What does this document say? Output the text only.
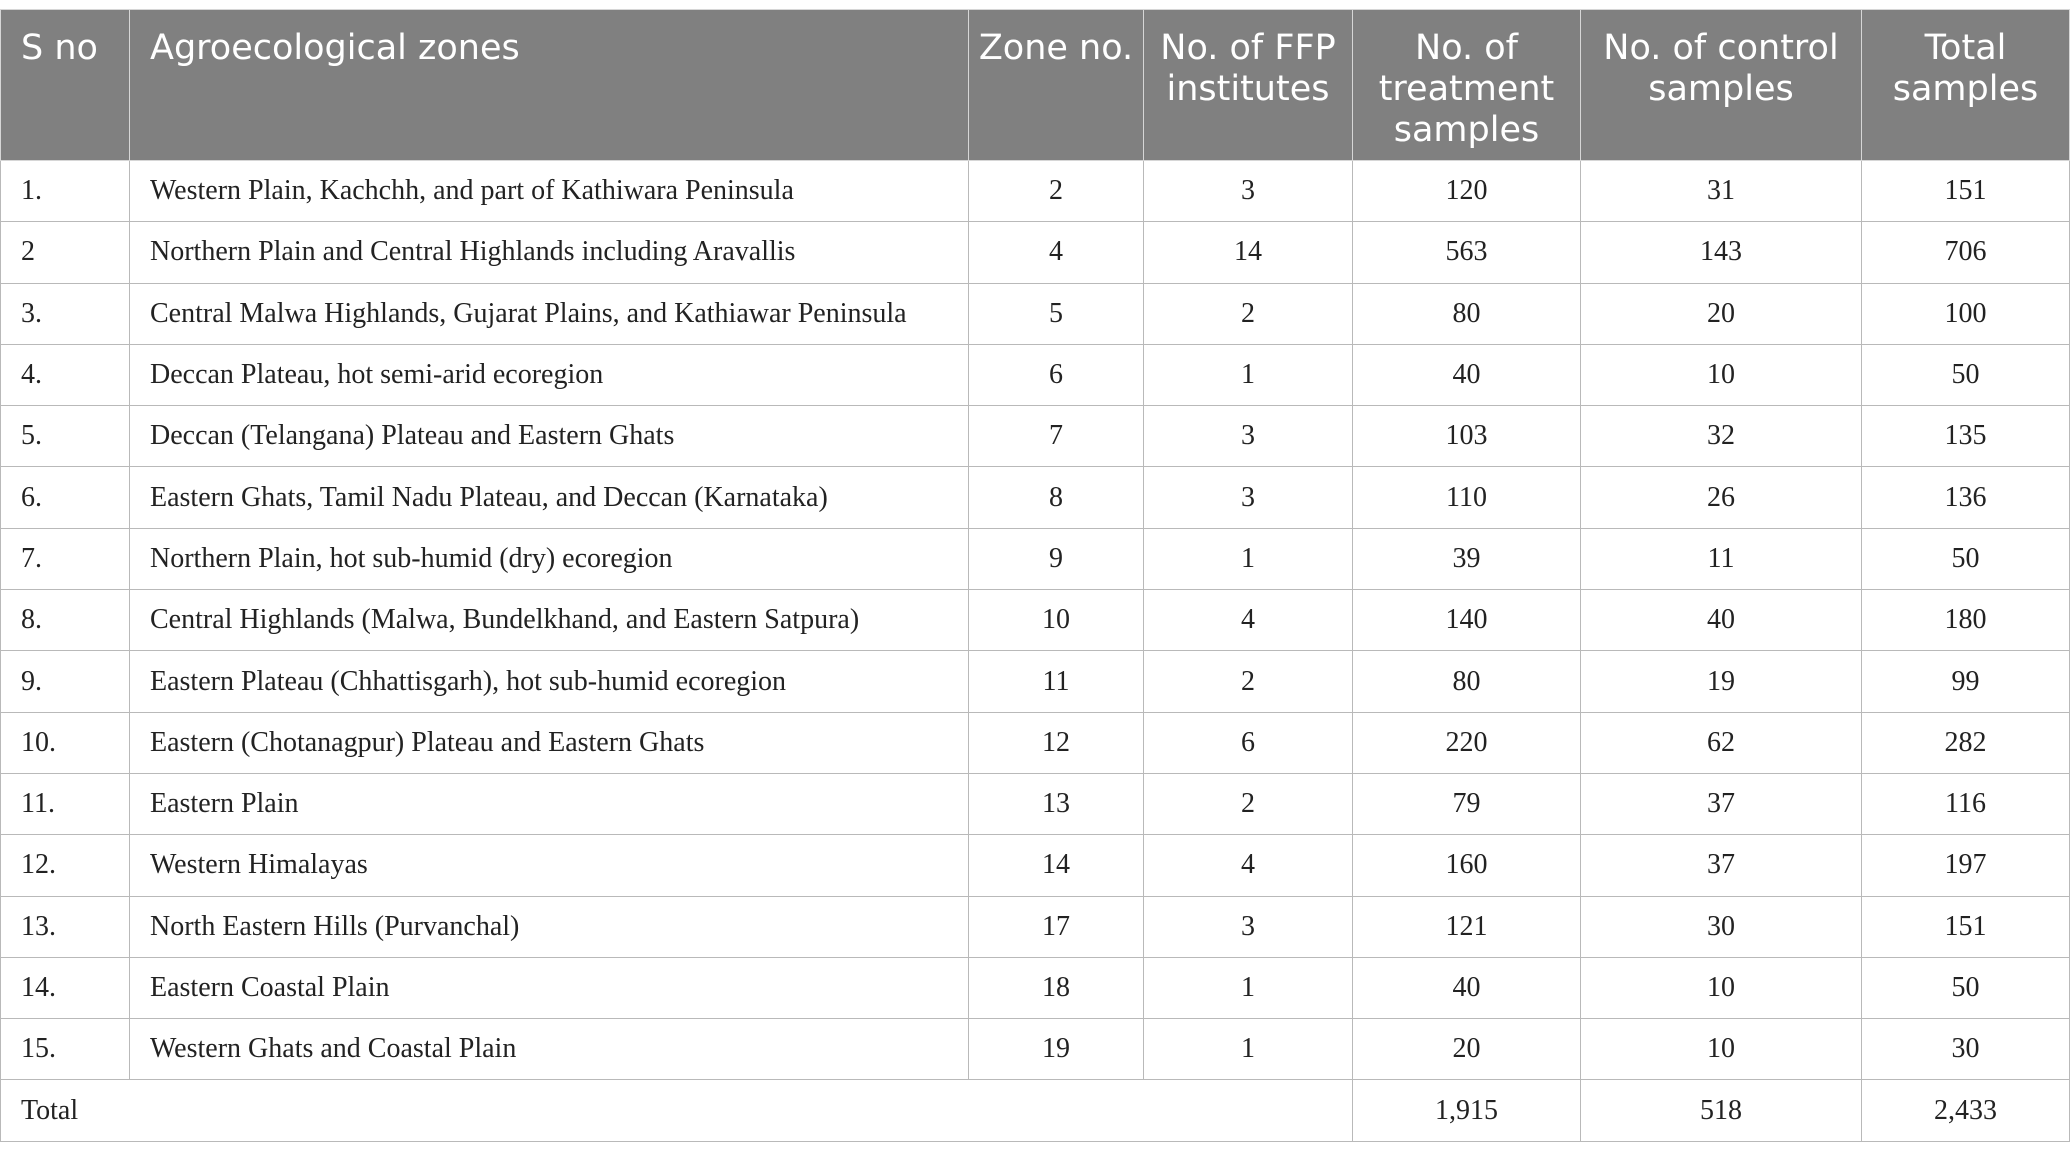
S no	Agroecological zones	Zone no.	No. of FFP institutes	No. of treatment samples	No. of control samples	Total samples
1.	Western Plain, Kachchh, and part of Kathiwara Peninsula	2	3	120	31	151
2	Northern Plain and Central Highlands including Aravallis	4	14	563	143	706
3.	Central Malwa Highlands, Gujarat Plains, and Kathiawar Peninsula	5	2	80	20	100
4.	Deccan Plateau, hot semi-arid ecoregion	6	1	40	10	50
5.	Deccan (Telangana) Plateau and Eastern Ghats	7	3	103	32	135
6.	Eastern Ghats, Tamil Nadu Plateau, and Deccan (Karnataka)	8	3	110	26	136
7.	Northern Plain, hot sub-humid (dry) ecoregion	9	1	39	11	50
8.	Central Highlands (Malwa, Bundelkhand, and Eastern Satpura)	10	4	140	40	180
9.	Eastern Plateau (Chhattisgarh), hot sub-humid ecoregion	11	2	80	19	99
10.	Eastern (Chotanagpur) Plateau and Eastern Ghats	12	6	220	62	282
11.	Eastern Plain	13	2	79	37	116
12.	Western Himalayas	14	4	160	37	197
13.	North Eastern Hills (Purvanchal)	17	3	121	30	151
14.	Eastern Coastal Plain	18	1	40	10	50
15.	Western Ghats and Coastal Plain	19	1	20	10	30
Total				1,915	518	2,433
